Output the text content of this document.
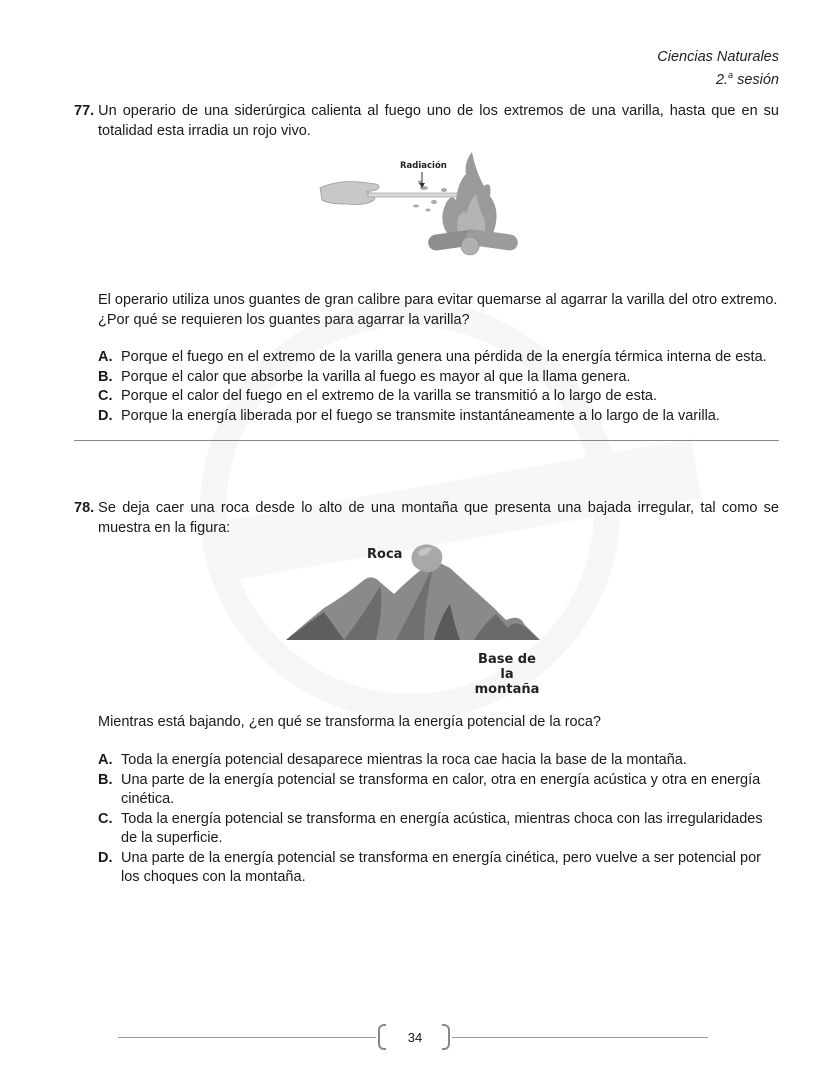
Ciencias Naturales
2.$^a$ sesión
77. Un operario de una siderúrgica calienta al fuego uno de los extremos de una varilla, hasta que en su totalidad esta irradia un rojo vivo.
Radiación
El operario utiliza unos guantes de gran calibre para evitar quemarse al agarrar la varilla del otro extremo.
¿Por qué se requieren los guantes para agarrar la varilla?
A. Porque el fuego en el extremo de la varilla genera una pérdida de la energía térmica interna de esta.
B. Porque el calor que absorbe la varilla al fuego es mayor al que la llama genera.
C. Porque el calor del fuego en el extremo de la varilla se transmitió a lo largo de esta.
D. Porque la energía liberada por el fuego se transmite instantáneamente a lo largo de la varilla.
78. Se deja caer una roca desde lo alto de una montaña que presenta una bajada irregular, tal como se muestra en la figura:
Roca
Base de la
montaña
Mientras está bajando, ¿en qué se transforma la energía potencial de la roca?
A. Toda la energía potencial desaparece mientras la roca cae hacia la base de la montaña.
B. Una parte de la energía potencial se transforma en calor, otra en energía acústica y otra en energía cinética.
C. Toda la energía potencial se transforma en energía acústica, mientras choca con las irregularidades de la superficie.
D. Una parte de la energía potencial se transforma en energía cinética, pero vuelve a ser potencial por los choques con la montaña.
34
